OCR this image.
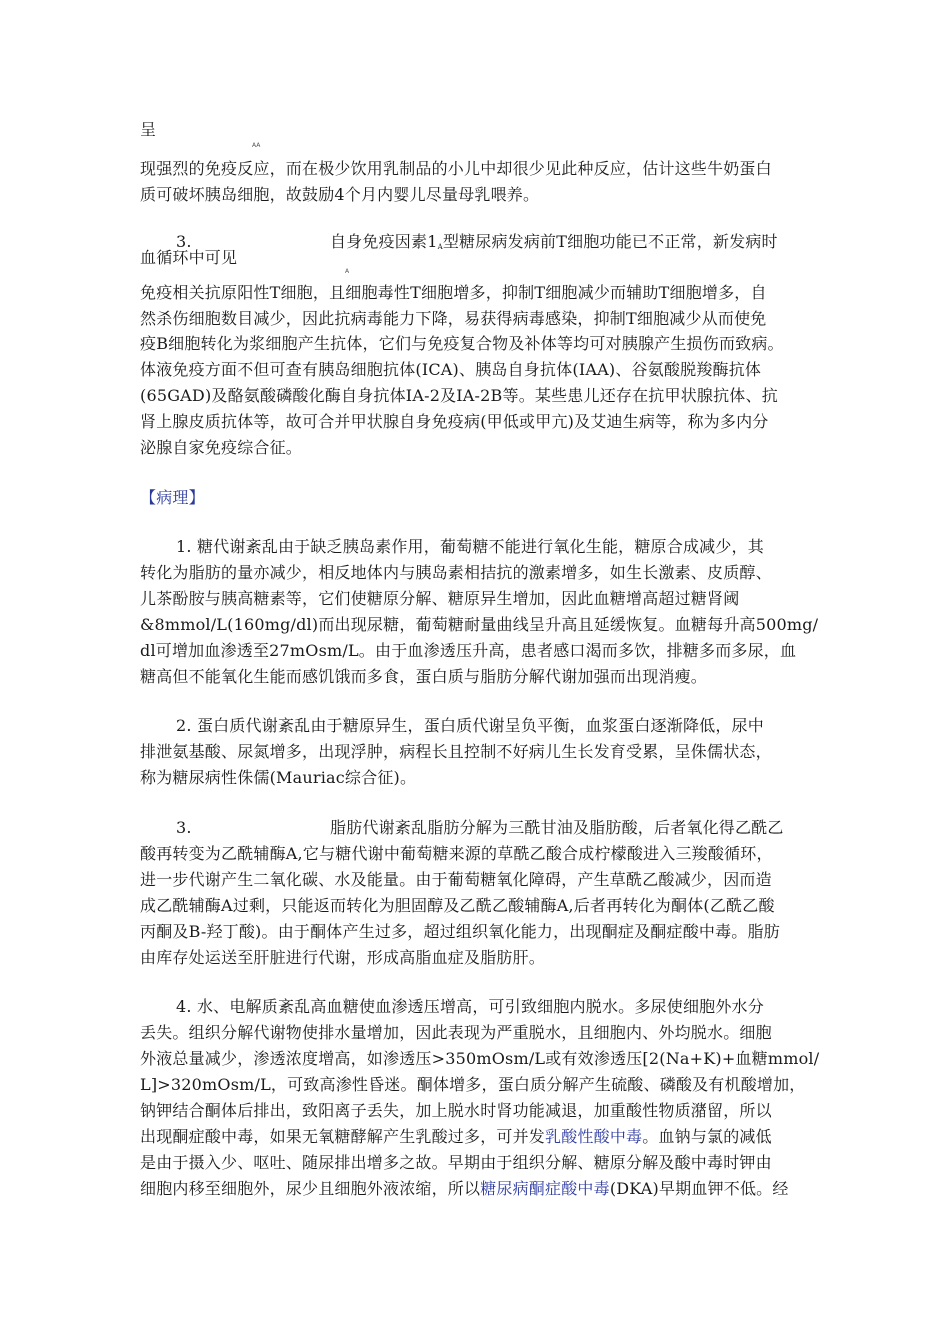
呈
AA
现强烈的免疫反应，而在极少饮用乳制品的小儿中却很少见此种反应，估计这些牛奶蛋白
质可破坏胰岛细胞，故鼓励4个月内婴儿尽量母乳喂养。
3.	自身免疫因素1A型糖尿病发病前T细胞功能已不正常，新发病时
血循环中可见
A
免疫相关抗原阳性T细胞，且细胞毒性T细胞增多，抑制T细胞减少而辅助T细胞增多，自
然杀伤细胞数目减少，因此抗病毒能力下降，易获得病毒感染，抑制T细胞减少从而使免
疫B细胞转化为浆细胞产生抗体，它们与免疫复合物及补体等均可对胰腺产生损伤而致病。
体液免疫方面不但可查有胰岛细胞抗体(ICA)、胰岛自身抗体(IAA)、谷氨酸脱羧酶抗体
(65GAD)及酪氨酸磷酸化酶自身抗体IA-2及IA-2B等。某些患儿还存在抗甲状腺抗体、抗
肾上腺皮质抗体等，故可合并甲状腺自身免疫病(甲低或甲亢)及艾迪生病等，称为多内分
泌腺自家免疫综合征。
【病理】
1. 糖代谢紊乱由于缺乏胰岛素作用，葡萄糖不能进行氧化生能，糖原合成减少，其
转化为脂肪的量亦减少，相反地体内与胰岛素相拮抗的激素增多，如生长激素、皮质醇、
儿茶酚胺与胰高糖素等，它们使糖原分解、糖原异生增加，因此血糖增高超过糖肾阈
&8mmol/L(160mg/dl)而出现尿糖，葡萄糖耐量曲线呈升高且延缓恢复。血糖每升高500mg/
dl可增加血渗透至27mOsm/L。由于血渗透压升高，患者感口渴而多饮，排糖多而多尿，血
糖高但不能氧化生能而感饥饿而多食，蛋白质与脂肪分解代谢加强而出现消瘦。
2. 蛋白质代谢紊乱由于糖原异生，蛋白质代谢呈负平衡，血浆蛋白逐渐降低，尿中
排泄氨基酸、尿氮增多，出现浮肿，病程长且控制不好病儿生长发育受累，呈侏儒状态，
称为糖尿病性侏儒(Mauriac综合征)。
3.	脂肪代谢紊乱脂肪分解为三酰甘油及脂肪酸，后者氧化得乙酰乙
酸再转变为乙酰辅酶A,它与糖代谢中葡萄糖来源的草酰乙酸合成柠檬酸进入三羧酸循环，
进一步代谢产生二氧化碳、水及能量。由于葡萄糖氧化障碍，产生草酰乙酸减少，因而造
成乙酰辅酶A过剩，只能返而转化为胆固醇及乙酰乙酸辅酶A,后者再转化为酮体(乙酰乙酸
丙酮及B-羟丁酸)。由于酮体产生过多，超过组织氧化能力，出现酮症及酮症酸中毒。脂肪
由库存处运送至肝脏进行代谢，形成高脂血症及脂肪肝。
4. 水、电解质紊乱高血糖使血渗透压增高，可引致细胞内脱水。多尿使细胞外水分
丢失。组织分解代谢物使排水量增加，因此表现为严重脱水，且细胞内、外均脱水。细胞
外液总量减少，渗透浓度增高，如渗透压>350mOsm/L或有效渗透压[2(Na+K)+血糖mmol/
L]>320mOsm/L，可致高渗性昏迷。酮体增多，蛋白质分解产生硫酸、磷酸及有机酸增加，
钠钾结合酮体后排出，致阳离子丢失，加上脱水时肾功能减退，加重酸性物质潴留，所以
出现酮症酸中毒，如果无氧糖酵解产生乳酸过多，可并发乳酸性酸中毒。血钠与氯的减低
是由于摄入少、呕吐、随尿排出增多之故。早期由于组织分解、糖原分解及酸中毒时钾由
细胞内移至细胞外，尿少且细胞外液浓缩，所以糖尿病酮症酸中毒(DKA)早期血钾不低。经
